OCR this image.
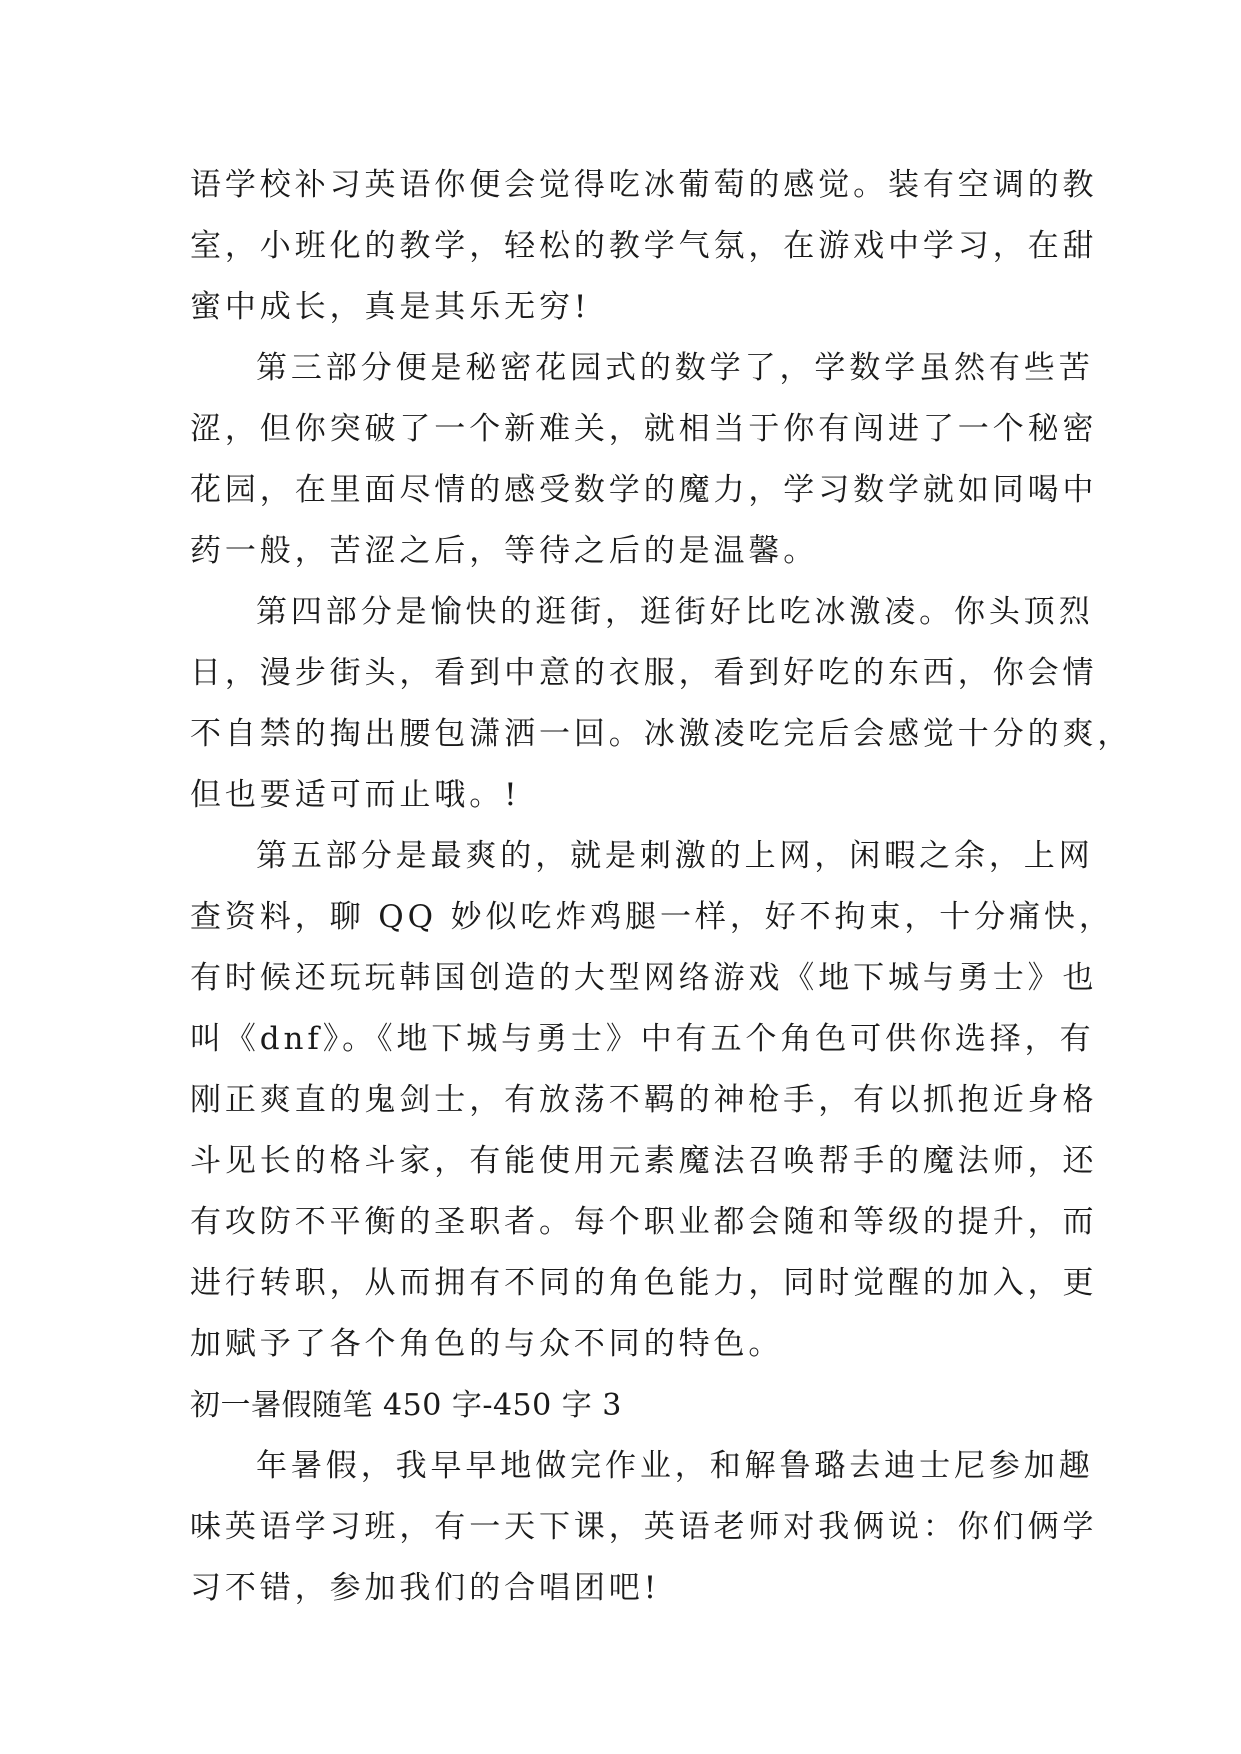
语学校补习英语你便会觉得吃冰葡萄的感觉。装有空调的教
室，小班化的教学，轻松的教学气氛，在游戏中学习，在甜
蜜中成长，真是其乐无穷!
第三部分便是秘密花园式的数学了，学数学虽然有些苦
涩，但你突破了一个新难关，就相当于你有闯进了一个秘密
花园，在里面尽情的感受数学的魔力，学习数学就如同喝中
药一般，苦涩之后，等待之后的是温馨。
第四部分是愉快的逛街，逛街好比吃冰激凌。你头顶烈
日，漫步街头，看到中意的衣服，看到好吃的东西，你会情
不自禁的掏出腰包潇洒一回。冰激凌吃完后会感觉十分的爽，
但也要适可而止哦。!
第五部分是最爽的，就是刺激的上网，闲暇之余，上网
查资料，聊 QQ 妙似吃炸鸡腿一样，好不拘束，十分痛快，
有时候还玩玩韩国创造的大型网络游戏《地下城与勇士》也
叫《dnf》。《地下城与勇士》中有五个角色可供你选择，有
刚正爽直的鬼剑士，有放荡不羁的神枪手，有以抓抱近身格
斗见长的格斗家，有能使用元素魔法召唤帮手的魔法师，还
有攻防不平衡的圣职者。每个职业都会随和等级的提升，而
进行转职，从而拥有不同的角色能力，同时觉醒的加入，更
加赋予了各个角色的与众不同的特色。
初一暑假随笔 450 字-450 字 3
年暑假，我早早地做完作业，和解鲁璐去迪士尼参加趣
味英语学习班，有一天下课，英语老师对我俩说：你们俩学
习不错，参加我们的合唱团吧!
